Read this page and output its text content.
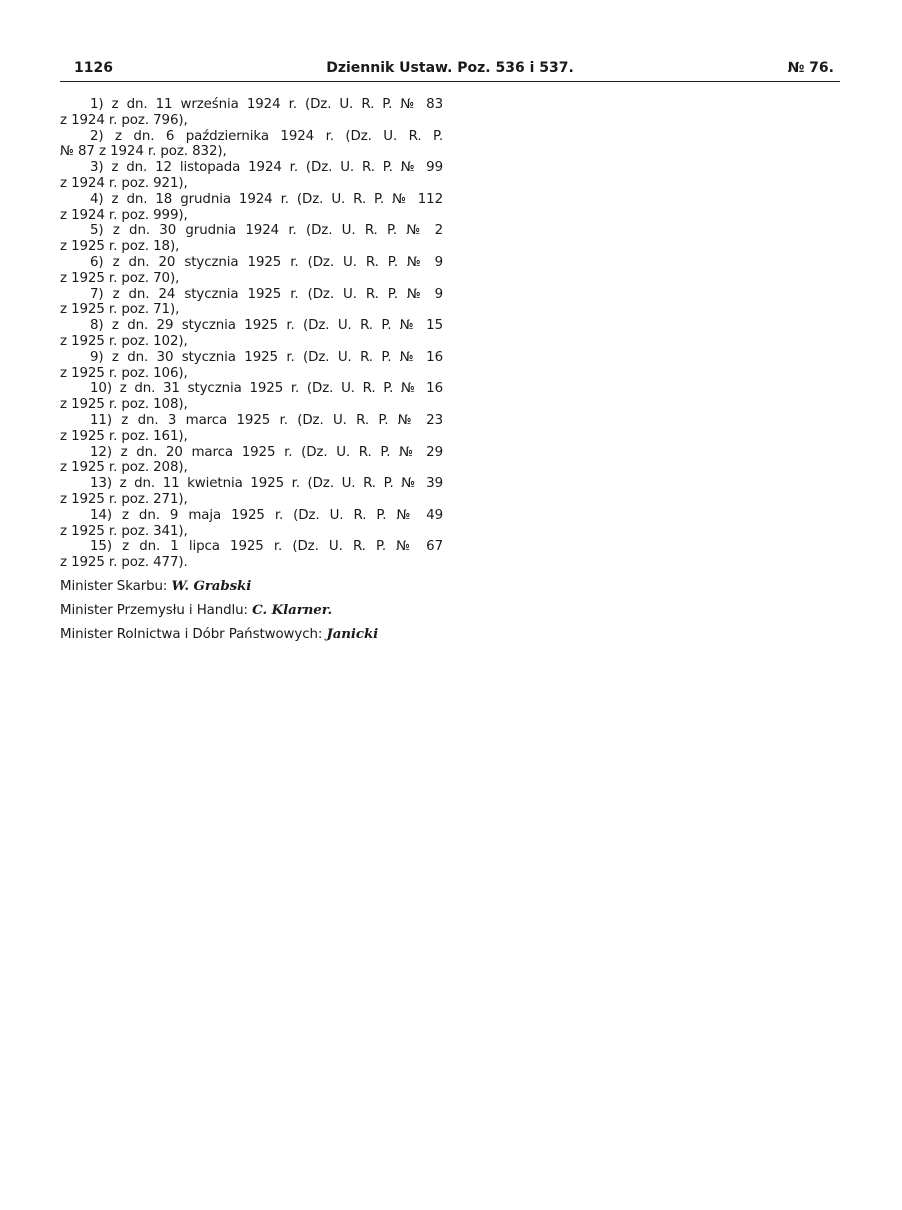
1126	Dziennik Ustaw. Poz. 536 i 537.	№ 76.

1) z dn. 11 września 1924 r. (Dz. U. R. P. № 83
z 1924 r. poz. 796),

2) z dn. 6 października 1924 r. (Dz. U. R. P.
№ 87 z 1924 r. poz. 832),

3) z dn. 12 listopada 1924 r. (Dz. U. R. P. № 99
z 1924 r. poz. 921),

4) z dn. 18 grudnia 1924 r. (Dz. U. R. P. № 112
z 1924 r. poz. 999),

5) z dn. 30 grudnia 1924 r. (Dz. U. R. P. № 2
z 1925 r. poz. 18),

6) z dn. 20 stycznia 1925 r. (Dz. U. R. P. № 9
z 1925 r. poz. 70),

7) z dn. 24 stycznia 1925 r. (Dz. U. R. P. № 9
z 1925 r. poz. 71),

8) z dn. 29 stycznia 1925 r. (Dz. U. R. P. № 15
z 1925 r. poz. 102),

9) z dn. 30 stycznia 1925 r. (Dz. U. R. P. № 16
z 1925 r. poz. 106),

10) z dn. 31 stycznia 1925 r. (Dz. U. R. P. № 16
z 1925 r. poz. 108),

11) z dn. 3 marca 1925 r. (Dz. U. R. P. № 23
z 1925 r. poz. 161),

12) z dn. 20 marca 1925 r. (Dz. U. R. P. № 29
z 1925 r. poz. 208),

13) z dn. 11 kwietnia 1925 r. (Dz. U. R. P. № 39
z 1925 r. poz. 271),

14) z dn. 9 maja 1925 r. (Dz. U. R. P. № 49
z 1925 r. poz. 341),

15) z dn. 1 lipca 1925 r. (Dz. U. R. P. № 67
z 1925 r. poz. 477).

Minister Skarbu: W. Grabski
Minister Przemysłu i Handlu: C. Klarner.
Minister Rolnictwa i Dóbr Państwowych: Janicki
